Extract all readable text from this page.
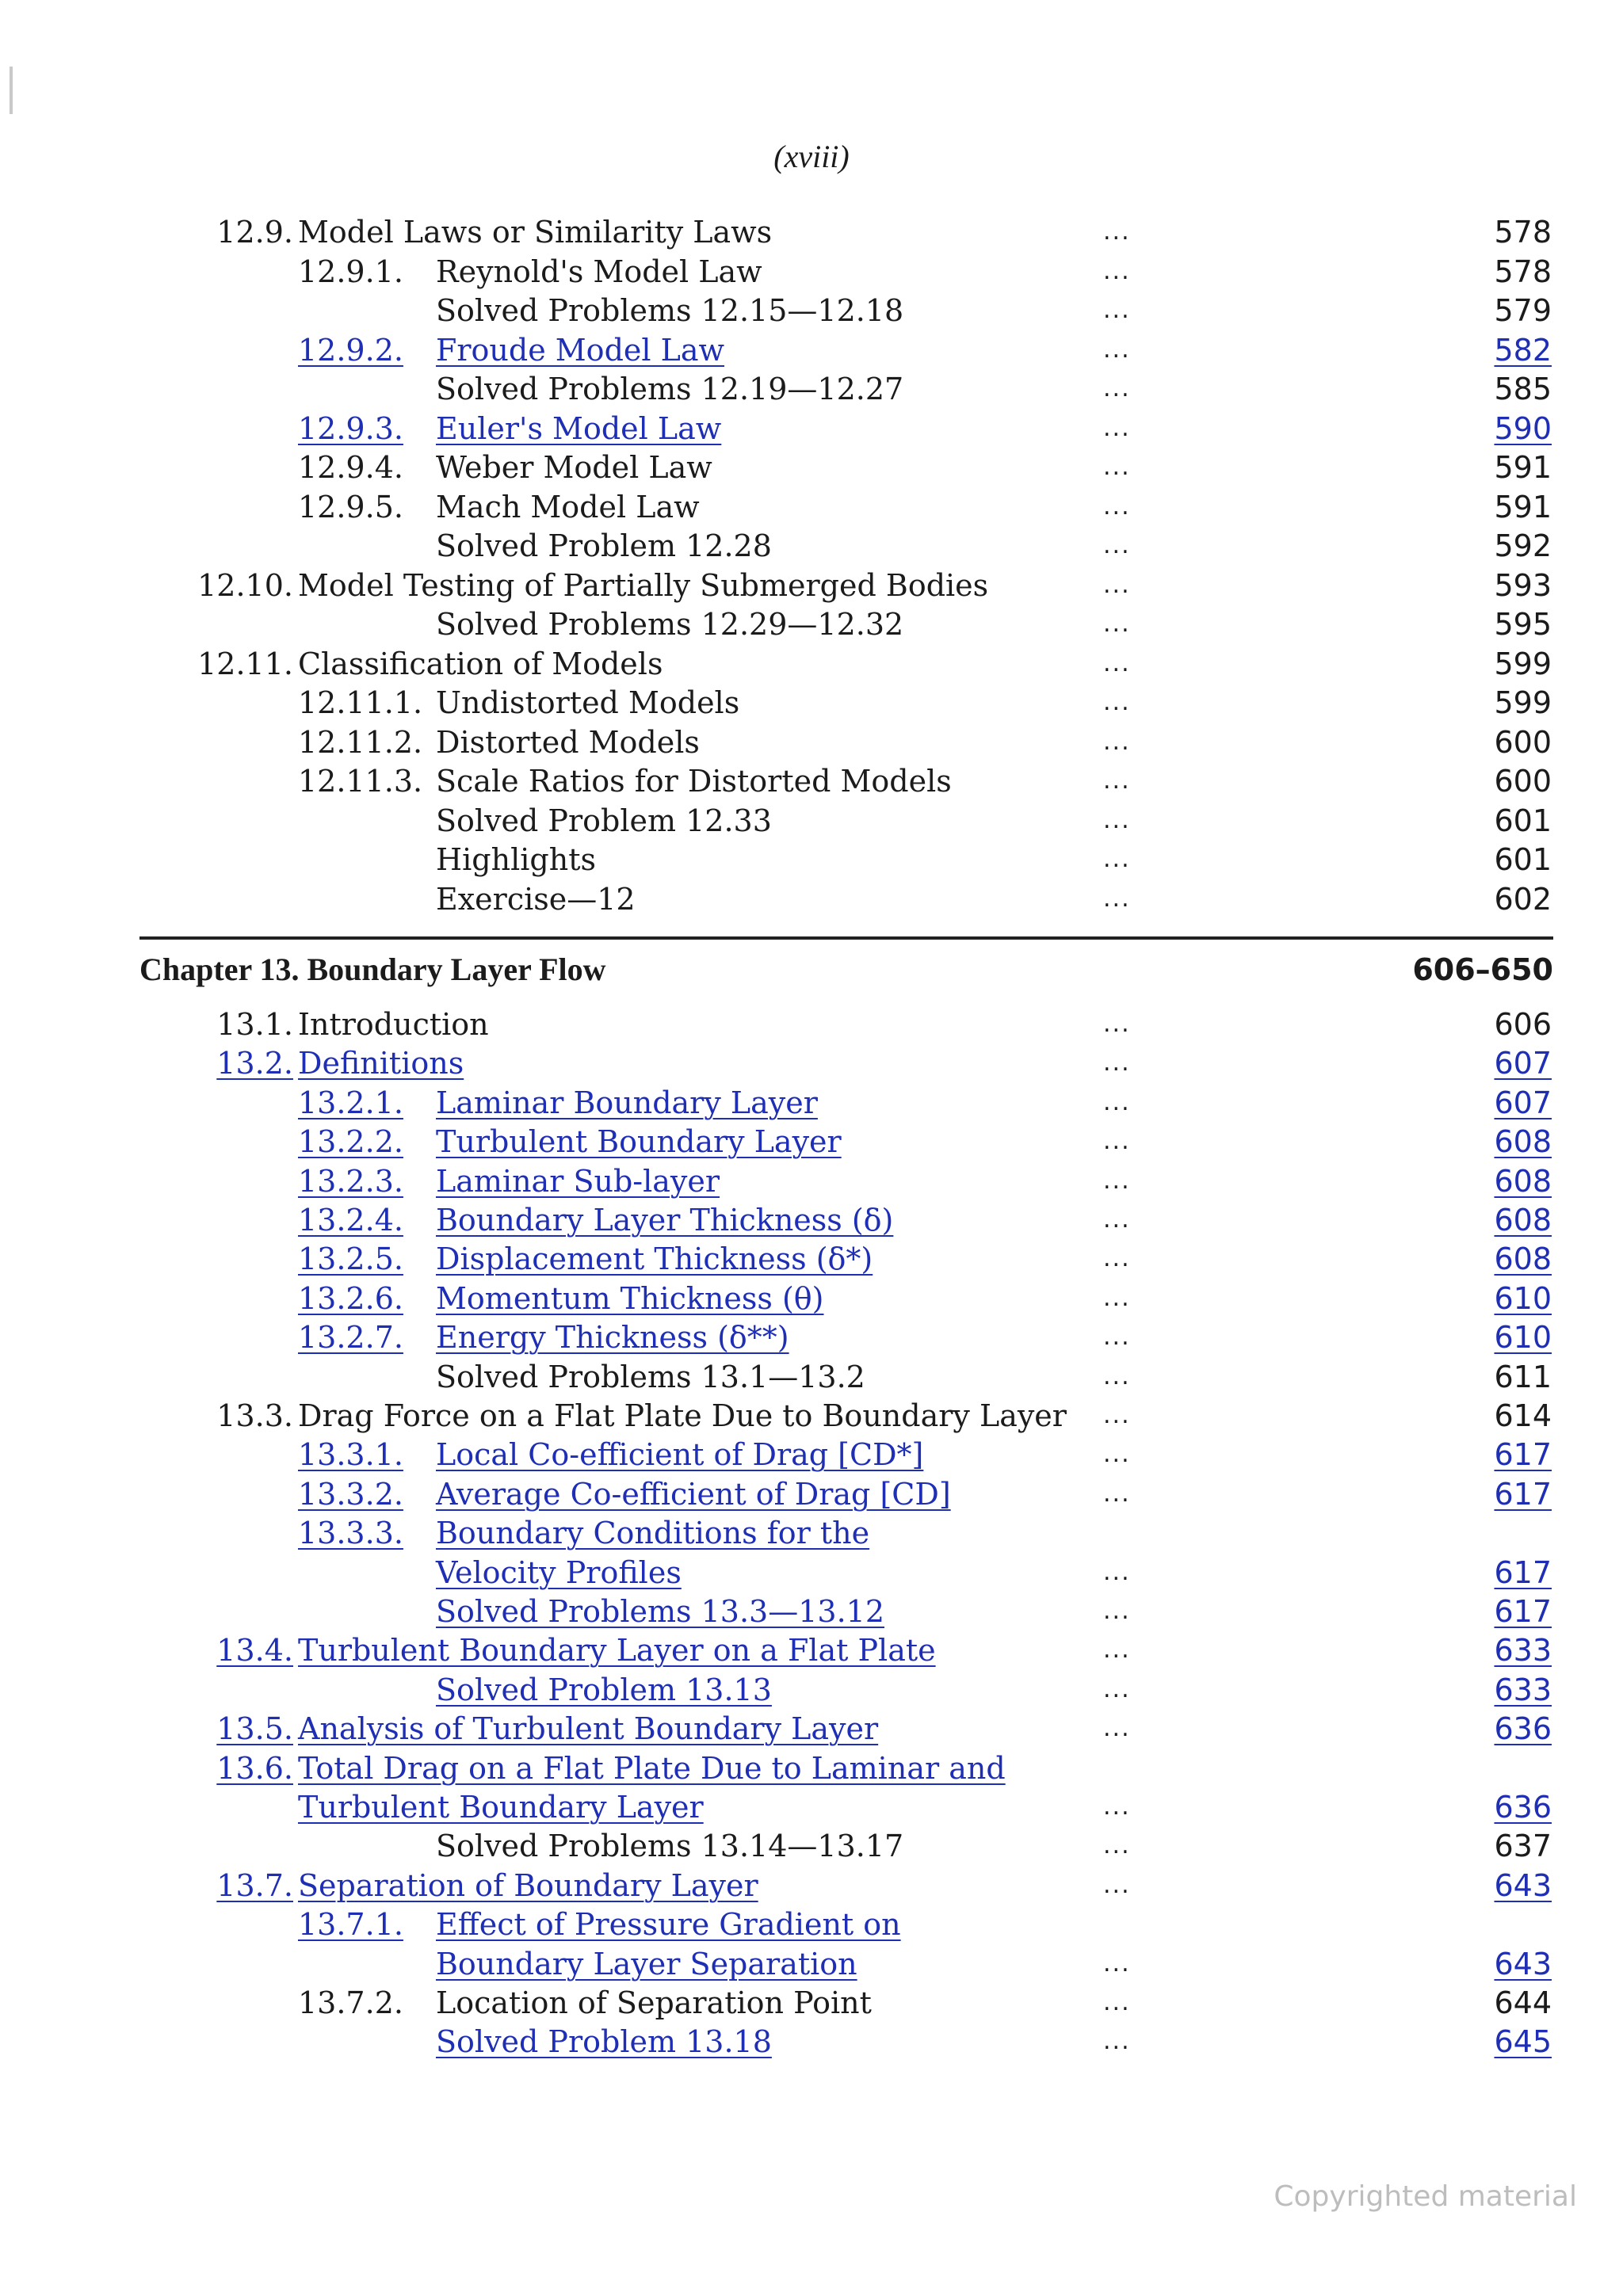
(xviii)
12.9. Model Laws or Similarity Laws	...	578
12.9.1. Reynold's Model Law	...	578
Solved Problems 12.15—12.18	...	579
12.9.2. Froude Model Law	...	582
Solved Problems 12.19—12.27	...	585
12.9.3. Euler's Model Law	...	590
12.9.4. Weber Model Law	...	591
12.9.5. Mach Model Law	...	591
Solved Problem 12.28	...	592
12.10. Model Testing of Partially Submerged Bodies	...	593
Solved Problems 12.29—12.32	...	595
12.11. Classification of Models	...	599
12.11.1. Undistorted Models	...	599
12.11.2. Distorted Models	...	600
12.11.3. Scale Ratios for Distorted Models	...	600
Solved Problem 12.33	...	601
Highlights	...	601
Exercise—12	...	602
Chapter 13. Boundary Layer Flow	606–650
13.1. Introduction	...	606
13.2. Definitions	...	607
13.2.1. Laminar Boundary Layer	...	607
13.2.2. Turbulent Boundary Layer	...	608
13.2.3. Laminar Sub-layer	...	608
13.2.4. Boundary Layer Thickness (δ)	...	608
13.2.5. Displacement Thickness (δ*)	...	608
13.2.6. Momentum Thickness (θ)	...	610
13.2.7. Energy Thickness (δ**)	...	610
Solved Problems 13.1—13.2	...	611
13.3. Drag Force on a Flat Plate Due to Boundary Layer ...	614
13.3.1. Local Co-efficient of Drag [CD*]	...	617
13.3.2. Average Co-efficient of Drag [CD]	...	617
13.3.3. Boundary Conditions for the
Velocity Profiles	...	617
Solved Problems 13.3—13.12	...	617
13.4. Turbulent Boundary Layer on a Flat Plate	...	633
Solved Problem 13.13	...	633
13.5. Analysis of Turbulent Boundary Layer	...	636
13.6. Total Drag on a Flat Plate Due to Laminar and
Turbulent Boundary Layer	...	636
Solved Problems 13.14—13.17	...	637
13.7. Separation of Boundary Layer	...	643
13.7.1. Effect of Pressure Gradient on
Boundary Layer Separation	...	643
13.7.2. Location of Separation Point	...	644
Solved Problem 13.18	...	645
Copyrighted material
